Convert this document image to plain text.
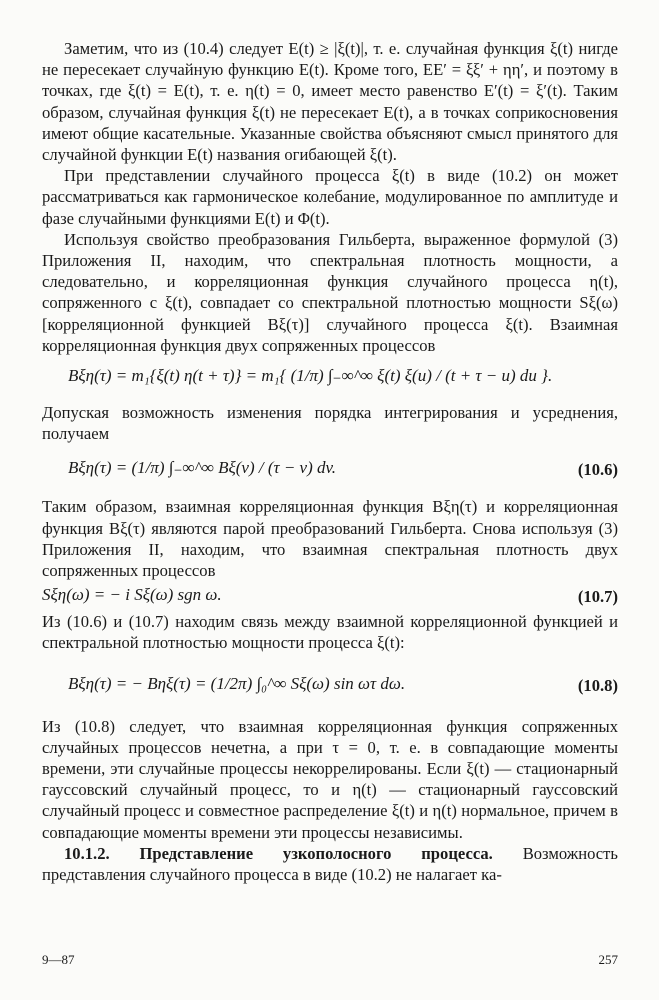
Заметим, что из (10.4) следует E(t) ≥ |ξ(t)|, т. е. случайная функция ξ(t) нигде не пересекает случайную функцию E(t). Кроме того, EE′ = ξξ′ + ηη′, и поэтому в точках, где ξ(t) = E(t), т. е. η(t) = 0, имеет место равенство E′(t) = ξ′(t). Таким образом, случайная функция ξ(t) не пересекает E(t), а в точках соприкосновения имеют общие касательные. Указанные свойства объясняют смысл принятого для случайной функции E(t) названия огибающей ξ(t).

При представлении случайного процесса ξ(t) в виде (10.2) он может рассматриваться как гармоническое колебание, модулированное по амплитуде и фазе случайными функциями E(t) и Φ(t).

Используя свойство преобразования Гильберта, выраженное формулой (3) Приложения II, находим, что спектральная плотность мощности, а следовательно, и корреляционная функция случайного процесса η(t), сопряженного с ξ(t), совпадает со спектральной плотностью мощности Sξ(ω) [корреляционной функцией Bξ(τ)] случайного процесса ξ(t). Взаимная корреляционная функция двух сопряженных процессов

Bξη(τ) = m₁{ξ(t) η(t + τ)} = m₁{ (1/π) ∫₋∞^∞ ξ(t) ξ(u) / (t + τ − u) du }.

Допуская возможность изменения порядка интегрирования и усреднения, получаем

Bξη(τ) = (1/π) ∫₋∞^∞ Bξ(v) / (τ − v) dv.	(10.6)

Таким образом, взаимная корреляционная функция Bξη(τ) и корреляционная функция Bξ(τ) являются парой преобразований Гильберта. Снова используя (3) Приложения II, находим, что взаимная спектральная плотность двух сопряженных процессов

Sξη(ω) = − i Sξ(ω) sgn ω.	(10.7)

Из (10.6) и (10.7) находим связь между взаимной корреляционной функцией и спектральной плотностью мощности процесса ξ(t):

Bξη(τ) = − Bηξ(τ) = (1/2π) ∫₀^∞ Sξ(ω) sin ωτ dω.	(10.8)

Из (10.8) следует, что взаимная корреляционная функция сопряженных случайных процессов нечетна, а при τ = 0, т. е. в совпадающие моменты времени, эти случайные процессы некоррелированы. Если ξ(t) — стационарный гауссовский случайный процесс, то и η(t) — стационарный гауссовский случайный процесс и совместное распределение ξ(t) и η(t) нормальное, причем в совпадающие моменты времени эти процессы независимы.

10.1.2. Представление узкополосного процесса. Возможность представления случайного процесса в виде (10.2) не налагает ка-

9—87	257
